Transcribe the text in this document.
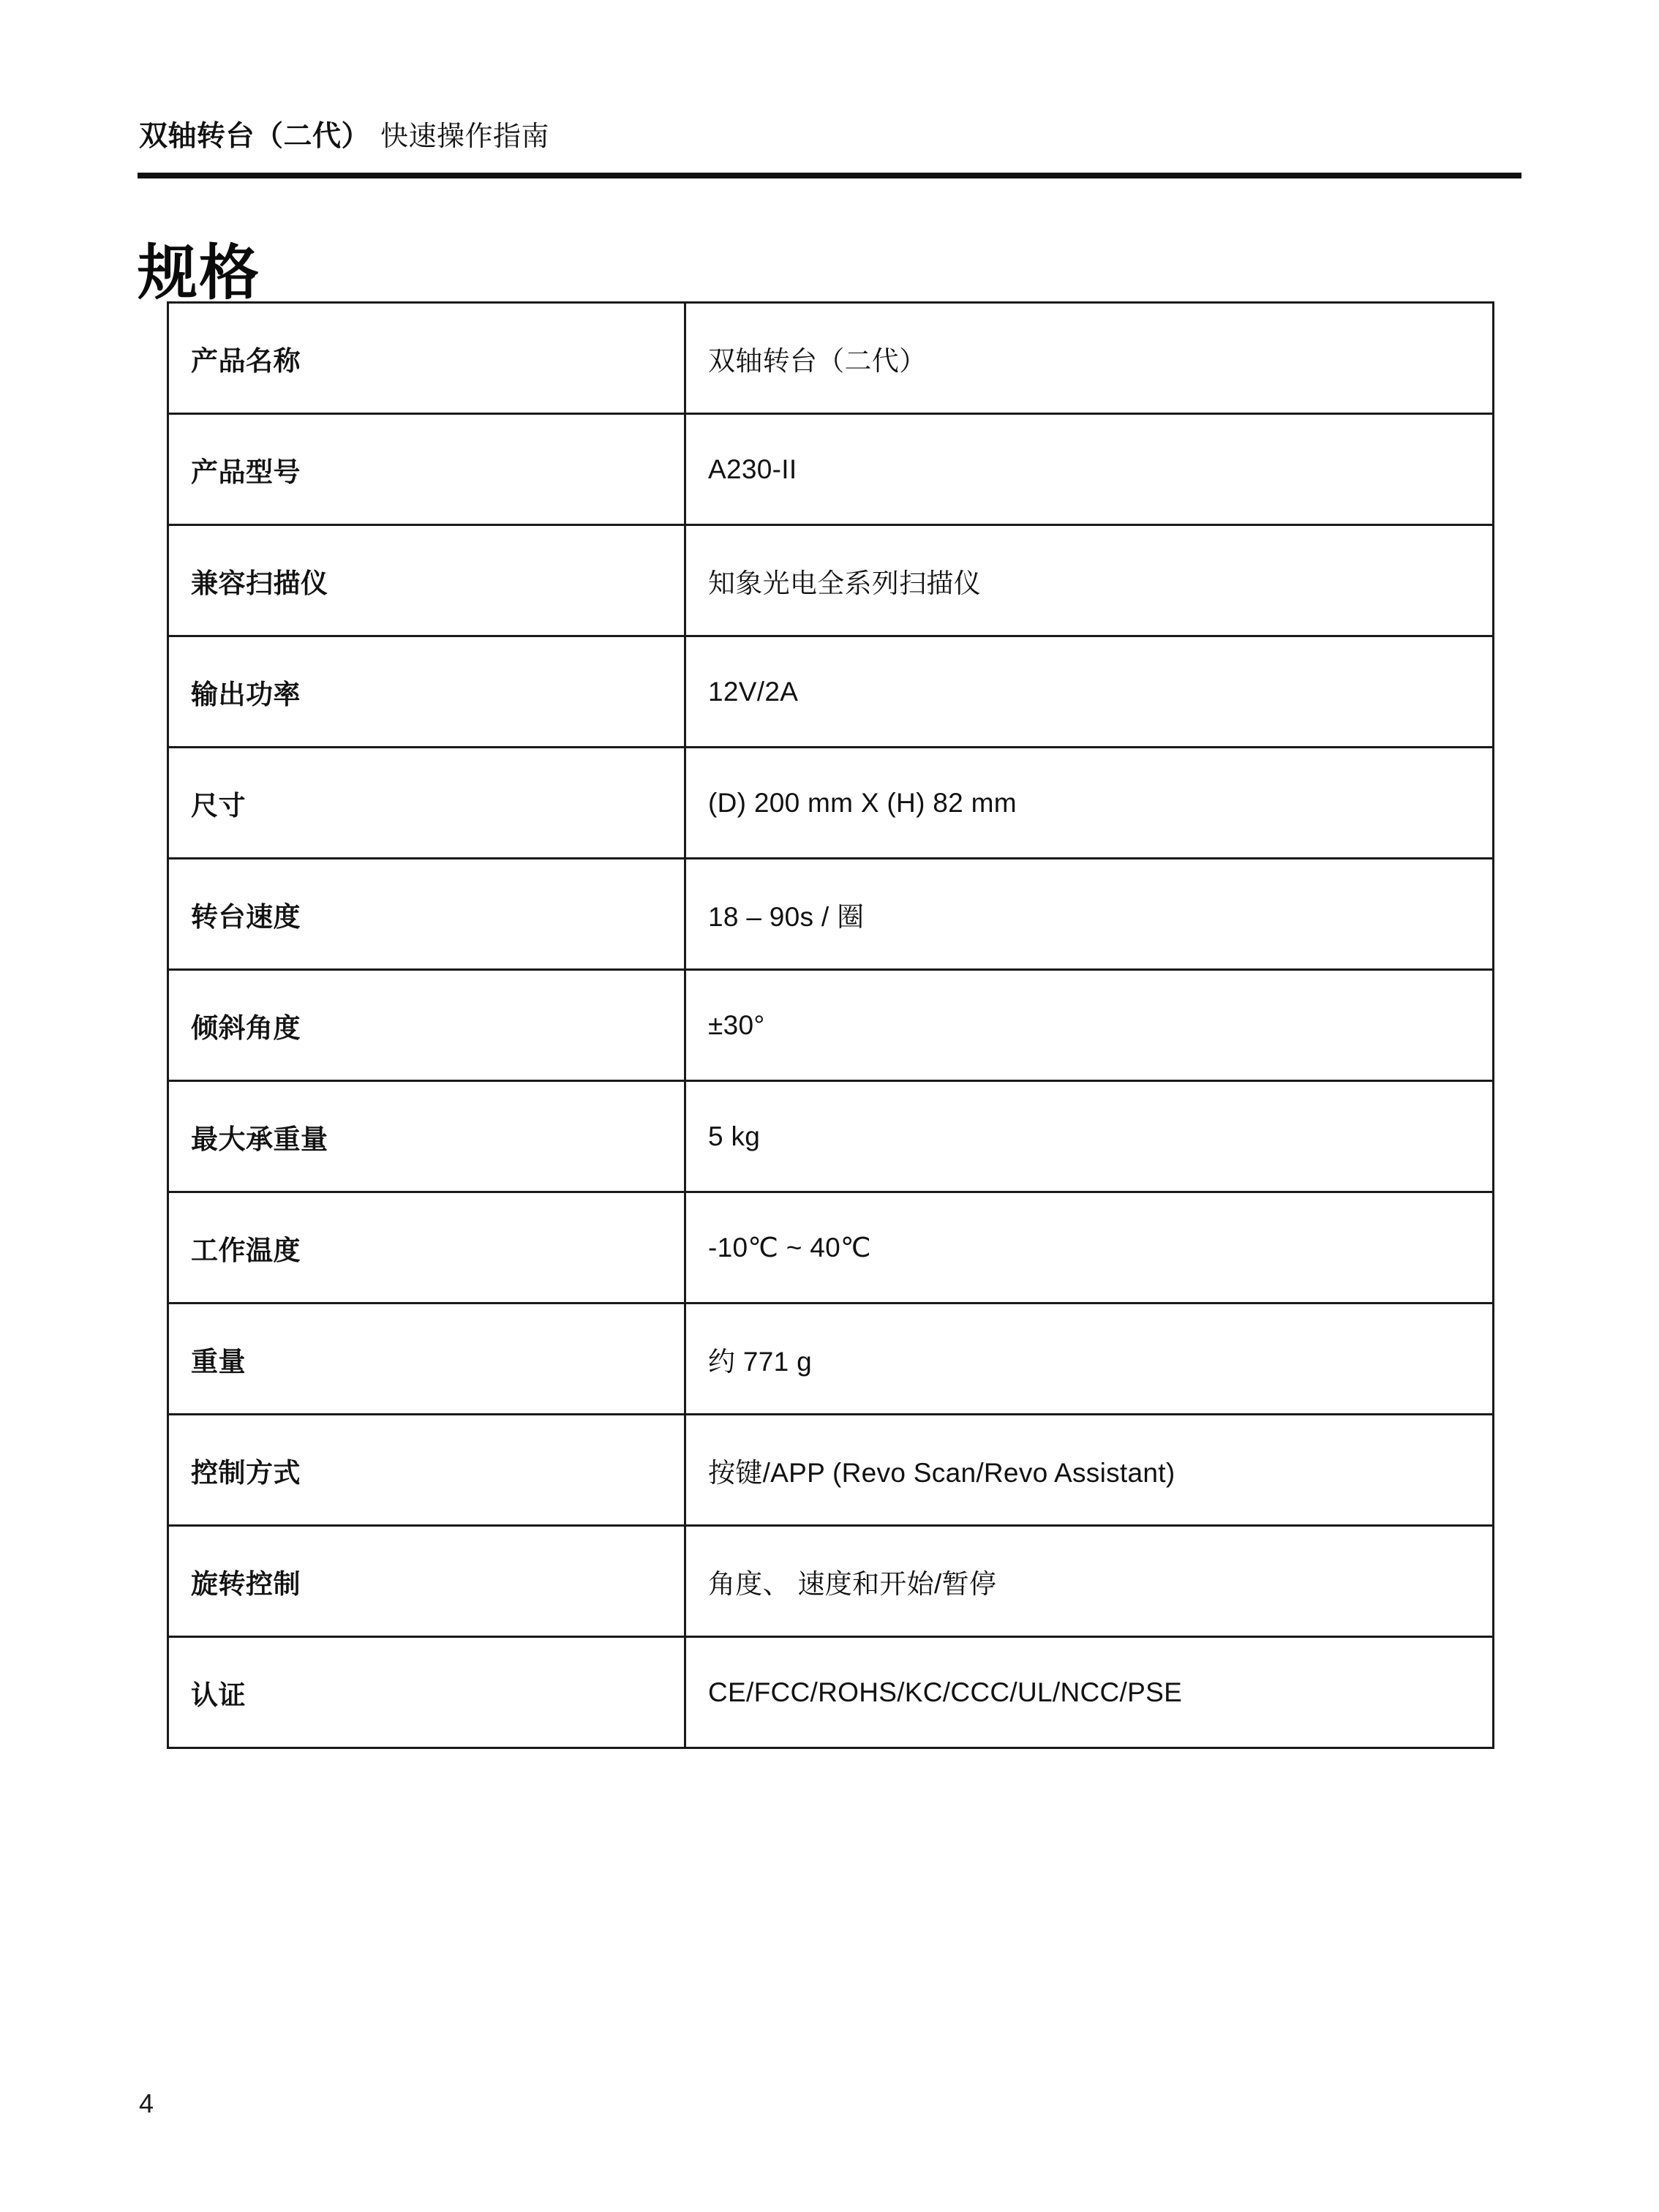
双轴转台（二代） 快速操作指南
规格
产品名称	双轴转台（二代）
产品型号	A230-II
兼容扫描仪	知象光电全系列扫描仪
输出功率	12V/2A
尺寸	(D) 200 mm X (H) 82 mm
转台速度	18 – 90s / 圈
倾斜角度	±30°
最大承重量	5 kg
工作温度	-10℃ ~ 40℃
重量	约 771 g
控制方式	按键/APP (Revo Scan/Revo Assistant)
旋转控制	角度、 速度和开始/暂停
认证	CE/FCC/ROHS/KC/CCC/UL/NCC/PSE
4
